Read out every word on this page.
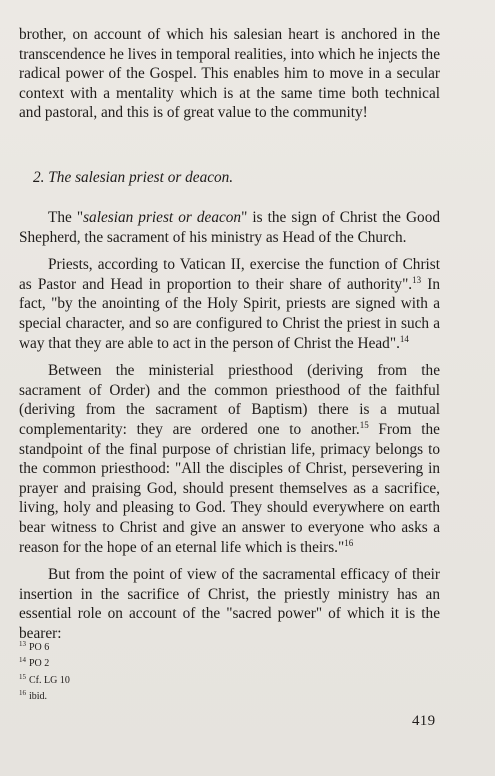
brother, on account of which his salesian heart is anchored in the transcendence he lives in temporal realities, into which he injects the radical power of the Gospel. This enables him to move in a secular context with a mentality which is at the same time both technical and pastoral, and this is of great value to the community!

2. The salesian priest or deacon.

The "salesian priest or deacon" is the sign of Christ the Good Shepherd, the sacrament of his ministry as Head of the Church.

Priests, according to Vatican II, exercise the function of Christ as Pastor and Head in proportion to their share of authority".$^{13}$ In fact, "by the anointing of the Holy Spirit, priests are signed with a special character, and so are configured to Christ the priest in such a way that they are able to act in the person of Christ the Head".$^{14}$

Between the ministerial priesthood (deriving from the sacrament of Order) and the common priesthood of the faithful (deriving from the sacrament of Baptism) there is a mutual complementarity: they are ordered one to another.$^{15}$ From the standpoint of the final purpose of christian life, primacy belongs to the common priesthood: "All the disciples of Christ, persevering in prayer and praising God, should present themselves as a sacrifice, living, holy and pleasing to God. They should everywhere on earth bear witness to Christ and give an answer to everyone who asks a reason for the hope of an eternal life which is theirs."$^{16}$

But from the point of view of the sacramental efficacy of their insertion in the sacrifice of Christ, the priestly ministry has an essential role on account of the "sacred power" of which it is the bearer:

$^{13}$ PO 6
$^{14}$ PO 2
$^{15}$ Cf. LG 10
$^{16}$ ibid.
419
